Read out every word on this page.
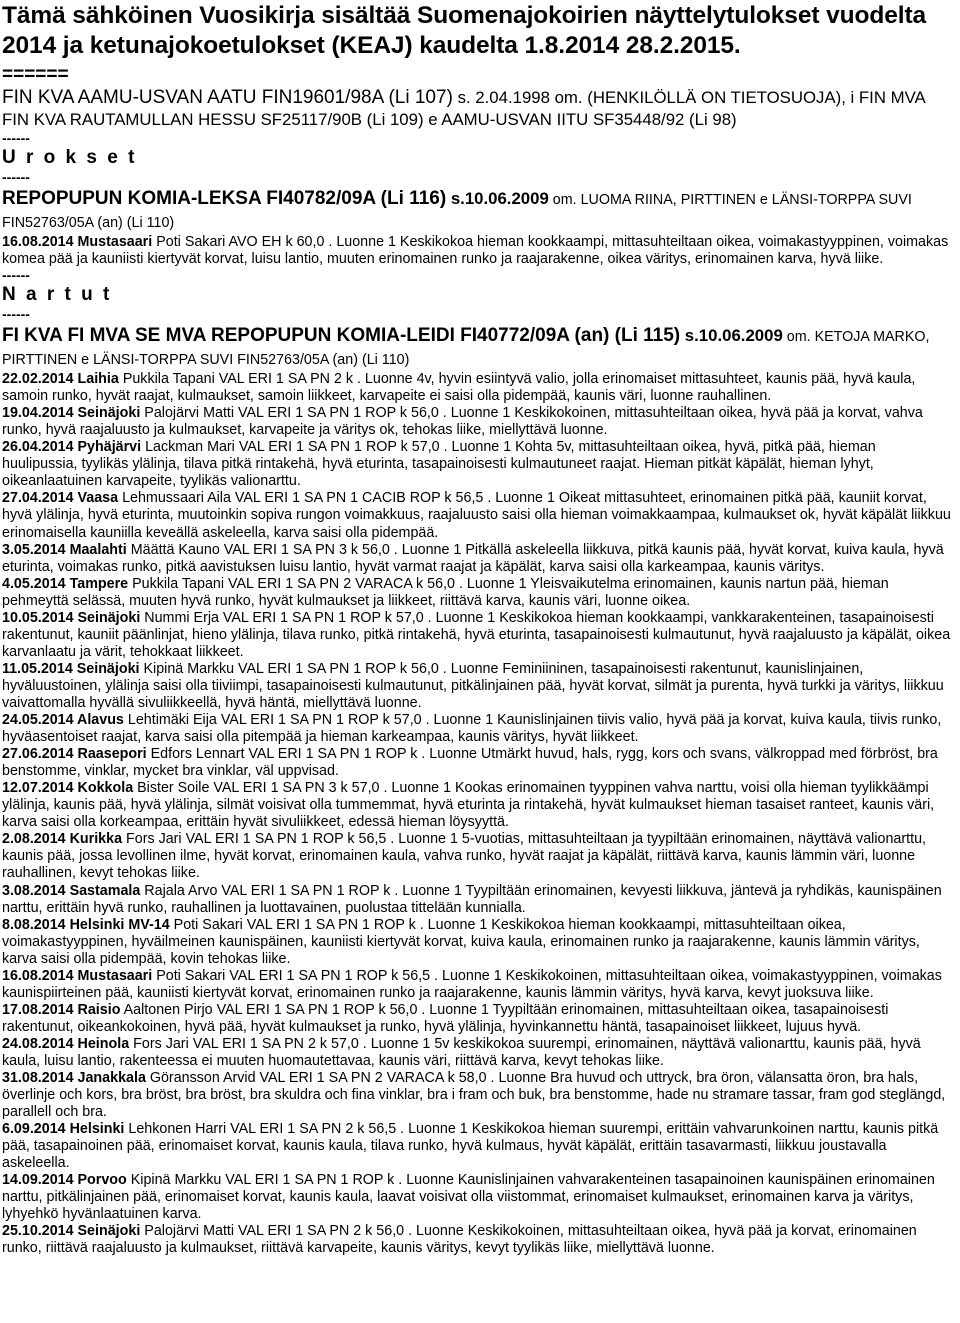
Tämä sähköinen Vuosikirja sisältää Suomenajokoirien näyttelytulokset vuodelta 2014 ja ketunajokoetulokset (KEAJ) kaudelta 1.8.2014 28.2.2015.
======
FIN KVA AAMU-USVAN AATU FIN19601/98A (Li 107) s. 2.04.1998 om. (HENKILÖLLÄ ON TIETOSUOJA), i FIN MVA FIN KVA RAUTAMULLAN HESSU SF25117/90B (Li 109) e AAMU-USVAN IITU SF35448/92 (Li 98)
------
U r o k s e t
------
REPOPUPUN KOMIA-LEKSA FI40782/09A (Li 116) s.10.06.2009 om. LUOMA RIINA, PIRTTINEN e LÄNSI-TORPPA SUVI FIN52763/05A (an) (Li 110)

16.08.2014 Mustasaari Poti Sakari AVO EH k 60,0 . Luonne 1 Keskikokoa hieman kookkaampi, mittasuhteiltaan oikea, voimakastyyppinen, voimakas komea pää ja kauniisti kiertyvät korvat, luisu lantio, muuten erinomainen runko ja raajarakenne, oikea väritys, erinomainen karva, hyvä liike.

------
N a r t u t
------
FI KVA FI MVA SE MVA REPOPUPUN KOMIA-LEIDI FI40772/09A (an) (Li 115) s.10.06.2009 om. KETOJA MARKO, PIRTTINEN e LÄNSI-TORPPA SUVI FIN52763/05A (an) (Li 110)

22.02.2014 Laihia Pukkila Tapani VAL ERI 1 SA PN 2 k . Luonne 4v, hyvin esiintyvä valio, jolla erinomaiset mittasuhteet, kaunis pää, hyvä kaula, samoin runko, hyvät raajat, kulmaukset, samoin liikkeet, karvapeite ei saisi olla pidempää, kaunis väri, luonne rauhallinen.

19.04.2014 Seinäjoki Palojärvi Matti VAL ERI 1 SA PN 1 ROP k 56,0 . Luonne 1 Keskikokoinen, mittasuhteiltaan oikea, hyvä pää ja korvat, vahva runko, hyvä raajaluusto ja kulmaukset, karvapeite ja väritys ok, tehokas liike, miellyttävä luonne.

26.04.2014 Pyhäjärvi Lackman Mari VAL ERI 1 SA PN 1 ROP k 57,0 . Luonne 1 Kohta 5v, mittasuhteiltaan oikea, hyvä, pitkä pää, hieman huulipussia, tyylikäs ylälinja, tilava pitkä rintakehä, hyvä eturinta, tasapainoisesti kulmautuneet raajat. Hieman pitkät käpälät, hieman lyhyt, oikeanlaatuinen karvapeite, tyylikäs valionarttu.

27.04.2014 Vaasa Lehmussaari Aila VAL ERI 1 SA PN 1 CACIB ROP k 56,5 . Luonne 1 Oikeat mittasuhteet, erinomainen pitkä pää, kauniit korvat, hyvä ylälinja, hyvä eturinta, muutoinkin sopiva rungon voimakkuus, raajaluusto saisi olla hieman voimakkaampaa, kulmaukset ok, hyvät käpälät liikkuu erinomaisella kauniilla keveällä askeleella, karva saisi olla pidempää.

3.05.2014 Maalahti Määttä Kauno VAL ERI 1 SA PN 3 k 56,0 . Luonne 1 Pitkällä askeleella liikkuva, pitkä kaunis pää, hyvät korvat, kuiva kaula, hyvä eturinta, voimakas runko, pitkä aavistuksen luisu lantio, hyvät varmat raajat ja käpälät, karva saisi olla karkeampaa, kaunis väritys.

4.05.2014 Tampere Pukkila Tapani VAL ERI 1 SA PN 2 VARACA k 56,0 . Luonne 1 Yleisvaikutelma erinomainen, kaunis nartun pää, hieman pehmeyttä selässä, muuten hyvä runko, hyvät kulmaukset ja liikkeet, riittävä karva, kaunis väri, luonne oikea.

10.05.2014 Seinäjoki Nummi Erja VAL ERI 1 SA PN 1 ROP k 57,0 . Luonne 1 Keskikokoa hieman kookkaampi, vankkarakenteinen, tasapainoisesti rakentunut, kauniit päänlinjat, hieno ylälinja, tilava runko, pitkä rintakehä, hyvä eturinta, tasapainoisesti kulmautunut, hyvä raajaluusto ja käpälät, oikea karvanlaatu ja värit, tehokkaat liikkeet.

11.05.2014 Seinäjoki Kipinä Markku VAL ERI 1 SA PN 1 ROP k 56,0 . Luonne Feminiininen, tasapainoisesti rakentunut, kaunislinjainen, hyväluustoinen, ylälinja saisi olla tiiviimpi, tasapainoisesti kulmautunut, pitkälinjainen pää, hyvät korvat, silmät ja purenta, hyvä turkki ja väritys, liikkuu vaivattomalla hyvällä sivuliikkeellä, hyvä häntä, miellyttävä luonne.

24.05.2014 Alavus Lehtimäki Eija VAL ERI 1 SA PN 1 ROP k 57,0 . Luonne 1 Kaunislinjainen tiivis valio, hyvä pää ja korvat, kuiva kaula, tiivis runko, hyväasentoiset raajat, karva saisi olla pitempää ja hieman karkeampaa, kaunis väritys, hyvät liikkeet.

27.06.2014 Raasepori Edfors Lennart VAL ERI 1 SA PN 1 ROP k . Luonne Utmärkt huvud, hals, rygg, kors och svans, välkroppad med förbröst, bra benstomme, vinklar, mycket bra vinklar, väl uppvisad.

12.07.2014 Kokkola Bister Soile VAL ERI 1 SA PN 3 k 57,0 . Luonne 1 Kookas erinomainen tyyppinen vahva narttu, voisi olla hieman tyylikkäämpi ylälinja, kaunis pää, hyvä ylälinja, silmät voisivat olla tummemmat, hyvä eturinta ja rintakehä, hyvät kulmaukset hieman tasaiset ranteet, kaunis väri, karva saisi olla korkeampaa, erittäin hyvät sivuliikkeet, edessä hieman löysyyttä.

2.08.2014 Kurikka Fors Jari VAL ERI 1 SA PN 1 ROP k 56,5 . Luonne 1 5-vuotias, mittasuhteiltaan ja tyypiltään erinomainen, näyttävä valionarttu, kaunis pää, jossa levollinen ilme, hyvät korvat, erinomainen kaula, vahva runko, hyvät raajat ja käpälät, riittävä karva, kaunis lämmin väri, luonne rauhallinen, kevyt tehokas liike.

3.08.2014 Sastamala Rajala Arvo VAL ERI 1 SA PN 1 ROP k . Luonne 1 Tyypiltään erinomainen, kevyesti liikkuva, jäntevä ja ryhdikäs, kaunispäinen narttu, erittäin hyvä runko, rauhallinen ja luottavainen, puolustaa tittelään kunnialla.

8.08.2014 Helsinki MV-14 Poti Sakari VAL ERI 1 SA PN 1 ROP k . Luonne 1 Keskikokoa hieman kookkaampi, mittasuhteiltaan oikea, voimakastyyppinen, hyväilmeinen kaunispäinen, kauniisti kiertyvät korvat, kuiva kaula, erinomainen runko ja raajarakenne, kaunis lämmin väritys, karva saisi olla pidempää, kovin tehokas liike.

16.08.2014 Mustasaari Poti Sakari VAL ERI 1 SA PN 1 ROP k 56,5 . Luonne 1 Keskikokoinen, mittasuhteiltaan oikea, voimakastyyppinen, voimakas kaunispiirteinen pää, kauniisti kiertyvät korvat, erinomainen runko ja raajarakenne, kaunis lämmin väritys, hyvä karva, kevyt juoksuva liike.

17.08.2014 Raisio Aaltonen Pirjo VAL ERI 1 SA PN 1 ROP k 56,0 . Luonne 1 Tyypiltään erinomainen, mittasuhteiltaan oikea, tasapainoisesti rakentunut, oikeankokoinen, hyvä pää, hyvät kulmaukset ja runko, hyvä ylälinja, hyvinkannettu häntä, tasapainoiset liikkeet, lujuus hyvä.

24.08.2014 Heinola Fors Jari VAL ERI 1 SA PN 2 k 57,0 . Luonne 1 5v keskikokoa suurempi, erinomainen, näyttävä valionarttu, kaunis pää, hyvä kaula, luisu lantio, rakenteessa ei muuten huomautettavaa, kaunis väri, riittävä karva, kevyt tehokas liike.

31.08.2014 Janakkala Göransson Arvid VAL ERI 1 SA PN 2 VARACA k 58,0 . Luonne Bra huvud och uttryck, bra öron, välansatta öron, bra hals, överlinje och kors, bra bröst, bra bröst, bra skuldra och fina vinklar, bra i fram och buk, bra benstomme, hade nu stramare tassar, fram god steglängd, parallell och bra.

6.09.2014 Helsinki Lehkonen Harri VAL ERI 1 SA PN 2 k 56,5 . Luonne 1 Keskikokoa hieman suurempi, erittäin vahvarunkoinen narttu, kaunis pitkä pää, tasapainoinen pää, erinomaiset korvat, kaunis kaula, tilava runko, hyvä kulmaus, hyvät käpälät, erittäin tasavarmasti, liikkuu joustavalla askeleella.

14.09.2014 Porvoo Kipinä Markku VAL ERI 1 SA PN 1 ROP k . Luonne Kaunislinjainen vahvarakenteinen tasapainoinen kaunispäinen erinomainen narttu, pitkälinjainen pää, erinomaiset korvat, kaunis kaula, laavat voisivat olla viistommat, erinomaiset kulmaukset, erinomainen karva ja väritys, lyhyehkö hyvänlaatuinen karva.

25.10.2014 Seinäjoki Palojärvi Matti VAL ERI 1 SA PN 2 k 56,0 . Luonne Keskikokoinen, mittasuhteiltaan oikea, hyvä pää ja korvat, erinomainen runko, riittävä raajaluusto ja kulmaukset, riittävä karvapeite, kaunis väritys, kevyt tyylikäs liike, miellyttävä luonne.
